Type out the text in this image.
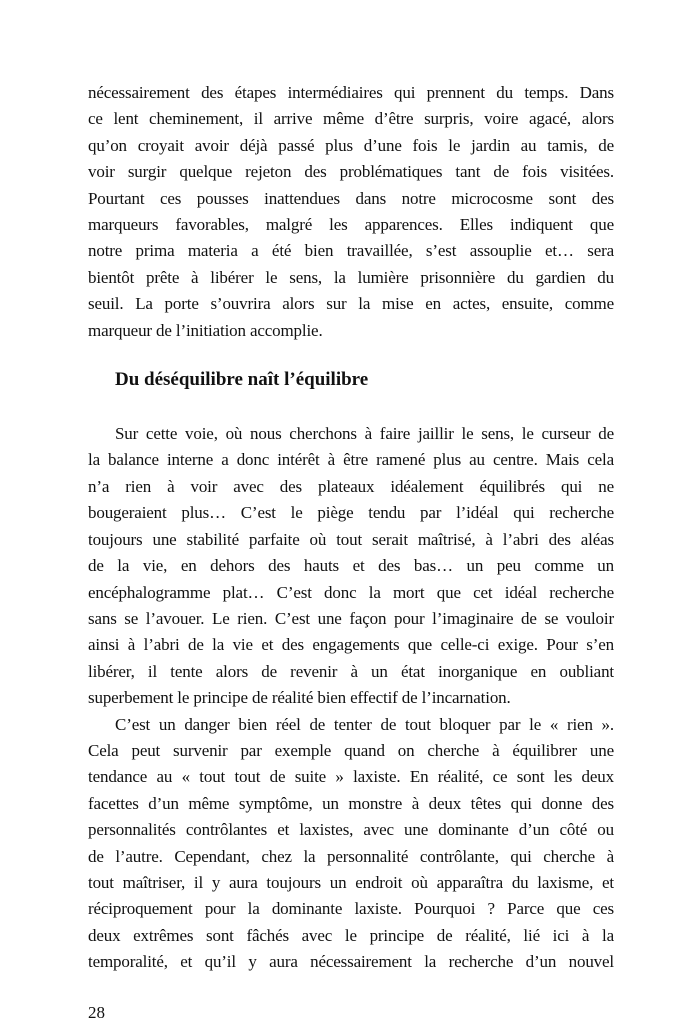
nécessairement des étapes intermédiaires qui prennent du temps. Dans
ce lent cheminement, il arrive même d’être surpris, voire agacé, alors
qu’on croyait avoir déjà passé plus d’une fois le jardin au tamis, de
voir surgir quelque rejeton des problématiques tant de fois visitées.
Pourtant ces pousses inattendues dans notre microcosme sont des
marqueurs favorables, malgré les apparences. Elles indiquent que
notre prima materia a été bien travaillée, s’est assouplie et… sera
bientôt prête à libérer le sens, la lumière prisonnière du gardien du
seuil. La porte s’ouvrira alors sur la mise en actes, ensuite, comme
marqueur de l’initiation accomplie.
Du déséquilibre naît l’équilibre
Sur cette voie, où nous cherchons à faire jaillir le sens, le curseur de
la balance interne a donc intérêt à être ramené plus au centre. Mais cela
n’a rien à voir avec des plateaux idéalement équilibrés qui ne
bougeraient plus… C’est le piège tendu par l’idéal qui recherche
toujours une stabilité parfaite où tout serait maîtrisé, à l’abri des aléas
de la vie, en dehors des hauts et des bas… un peu comme un
encéphalogramme plat… C’est donc la mort que cet idéal recherche
sans se l’avouer. Le rien. C’est une façon pour l’imaginaire de se vouloir
ainsi à l’abri de la vie et des engagements que celle-ci exige. Pour s’en
libérer, il tente alors de revenir à un état inorganique en oubliant
superbement le principe de réalité bien effectif de l’incarnation.
C’est un danger bien réel de tenter de tout bloquer par le « rien ».
Cela peut survenir par exemple quand on cherche à équilibrer une
tendance au « tout tout de suite » laxiste. En réalité, ce sont les deux
facettes d’un même symptôme, un monstre à deux têtes qui donne des
personnalités contrôlantes et laxistes, avec une dominante d’un côté ou
de l’autre. Cependant, chez la personnalité contrôlante, qui cherche à
tout maîtriser, il y aura toujours un endroit où apparaîtra du laxisme, et
réciproquement pour la dominante laxiste. Pourquoi ? Parce que ces
deux extrêmes sont fâchés avec le principe de réalité, lié ici à la
temporalité, et qu’il y aura nécessairement la recherche d’un nouvel
28
